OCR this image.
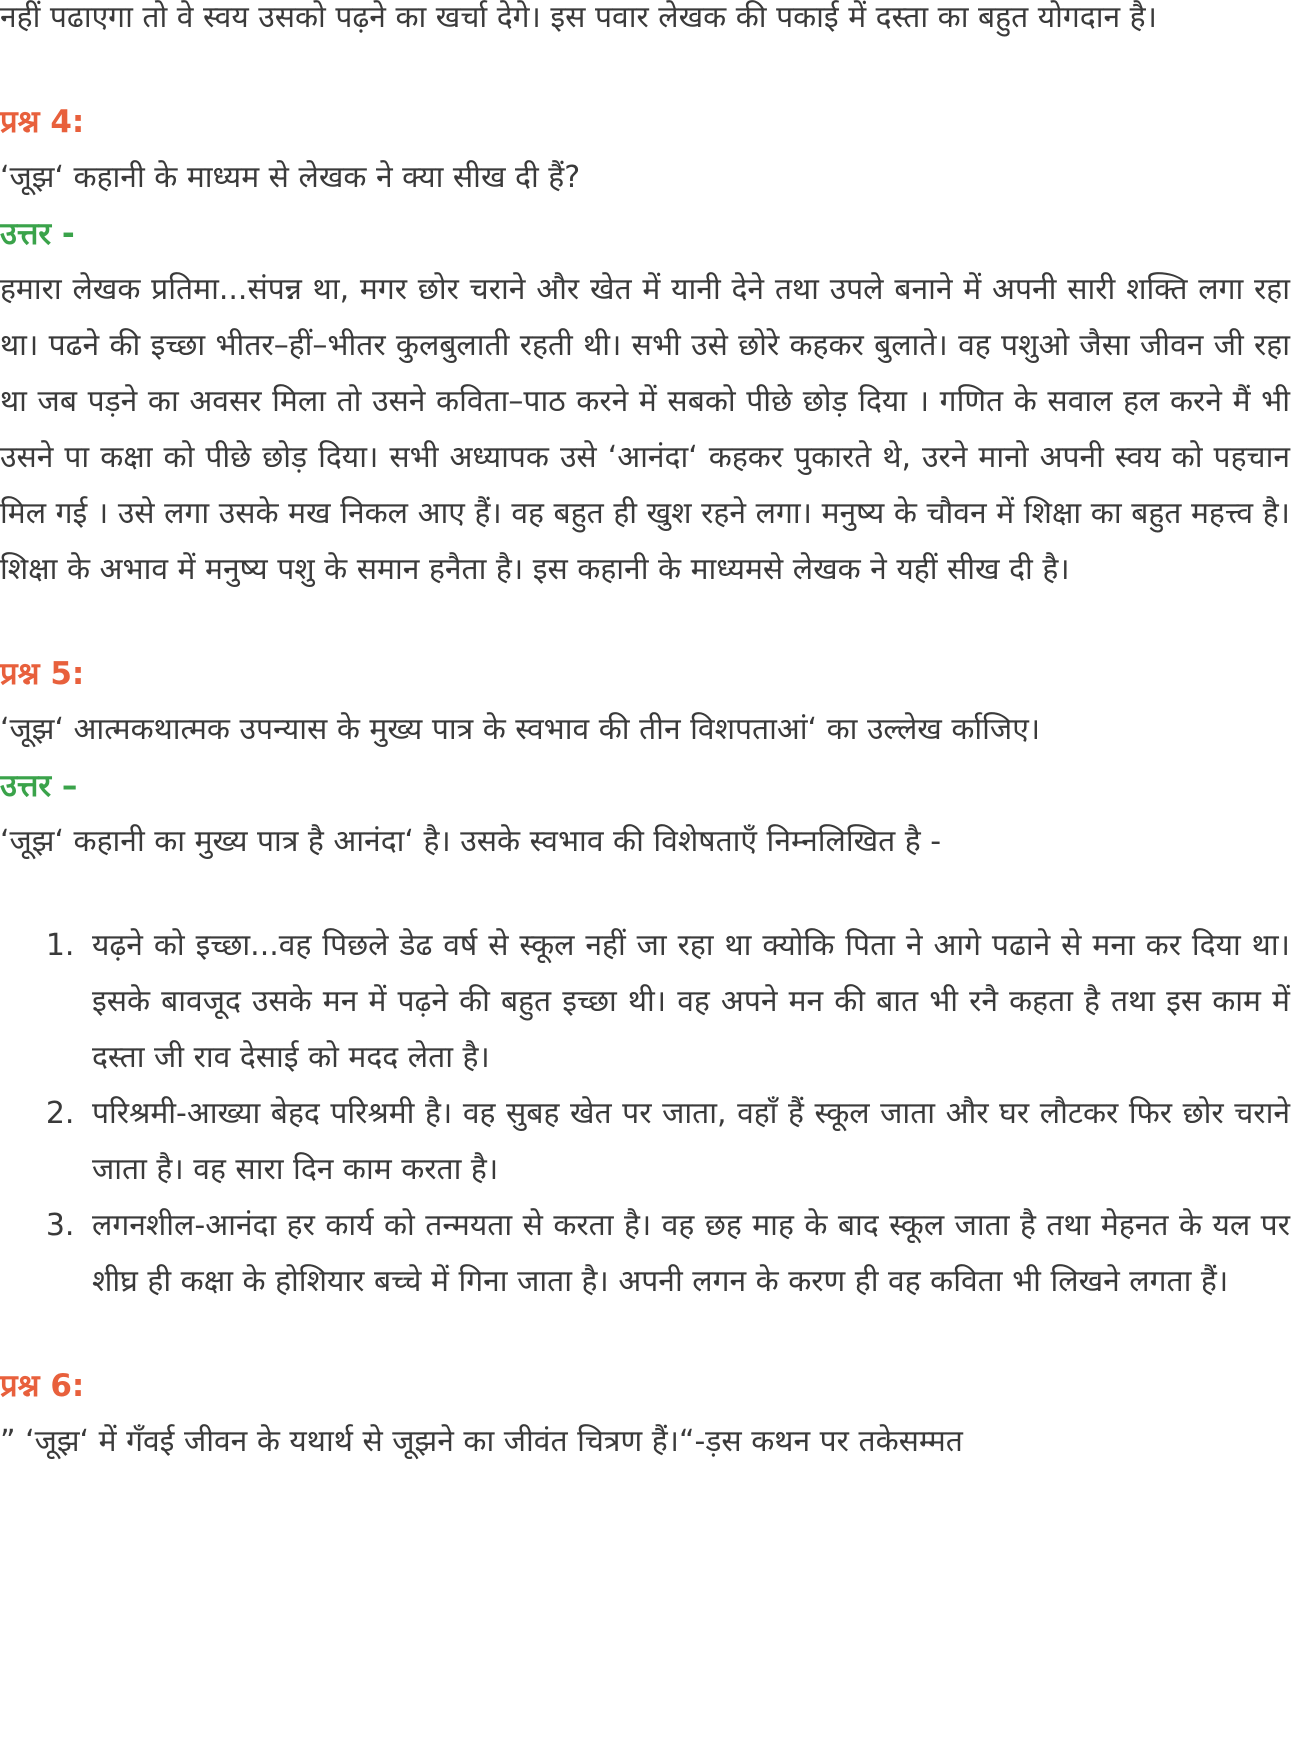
नहीं पढाएगा तो वे स्वय उसको पढ़ने का खर्चा देगे। इस पवार लेखक की पकाई में दस्ता का बहुत योगदान है।

प्रश्न 4:

‘जूझ‘ कहानी के माध्यम से लेखक ने क्या सीख दी हैं?

उत्तर -

हमारा लेखक प्रतिमा...संपन्न था, मगर छोर चराने और खेत में यानी देने तथा उपले बनाने में अपनी सारी शक्ति लगा रहा था। पढने की इच्छा भीतर–हीं–भीतर कुलबुलाती रहती थी। सभी उसे छोरे कहकर बुलाते। वह पशुओ जैसा जीवन जी रहा था जब पड़ने का अवसर मिला तो उसने कविता–पाठ करने में सबको पीछे छोड़ दिया । गणित के सवाल हल करने मैं भी उसने पा कक्षा को पीछे छोड़ दिया। सभी अध्यापक उसे ‘आनंदा‘ कहकर पुकारते थे, उरने मानो अपनी स्वय को पहचान मिल गई । उसे लगा उसके मख निकल आए हैं। वह बहुत ही खुश रहने लगा। मनुष्य के चौवन में शिक्षा का बहुत महत्त्व है। शिक्षा के अभाव में मनुष्य पशु के समान हनैता है। इस कहानी के माध्यमसे लेखक ने यहीं सीख दी है।

प्रश्न 5:

‘जूझ‘ आत्मकथात्मक उपन्यास के मुख्य पात्र के स्वभाव की तीन विशपताआं‘ का उल्लेख र्काजिए।

उत्तर –

‘जूझ‘ कहानी का मुख्य पात्र है आनंदा‘ है। उसके स्वभाव की विशेषताएँ निम्नलिखित है -

1. यढ़ने को इच्छा...वह पिछले डेढ वर्ष से स्कूल नहीं जा रहा था क्योकि पिता ने आगे पढाने से मना कर दिया था। इसके बावजूद उसके मन में पढ़ने की बहुत इच्छा थी। वह अपने मन की बात भी रनै कहता है तथा इस काम में दस्ता जी राव देसाई को मदद लेता है।
2. परिश्रमी-आख्या बेहद परिश्रमी है। वह सुबह खेत पर जाता, वहाँ हैं स्कूल जाता और घर लौटकर फिर छोर चराने जाता है। वह सारा दिन काम करता है।
3. लगनशील-आनंदा हर कार्य को तन्मयता से करता है। वह छह माह के बाद स्कूल जाता है तथा मेहनत के यल पर शीघ्र ही कक्षा के होशियार बच्चे में गिना जाता है। अपनी लगन के करण ही वह कविता भी लिखने लगता हैं।

प्रश्न 6:

” ‘जूझ‘ में गँवई जीवन के यथार्थ से जूझने का जीवंत चित्रण हैं।“-ड़स कथन पर तकेसम्मत
